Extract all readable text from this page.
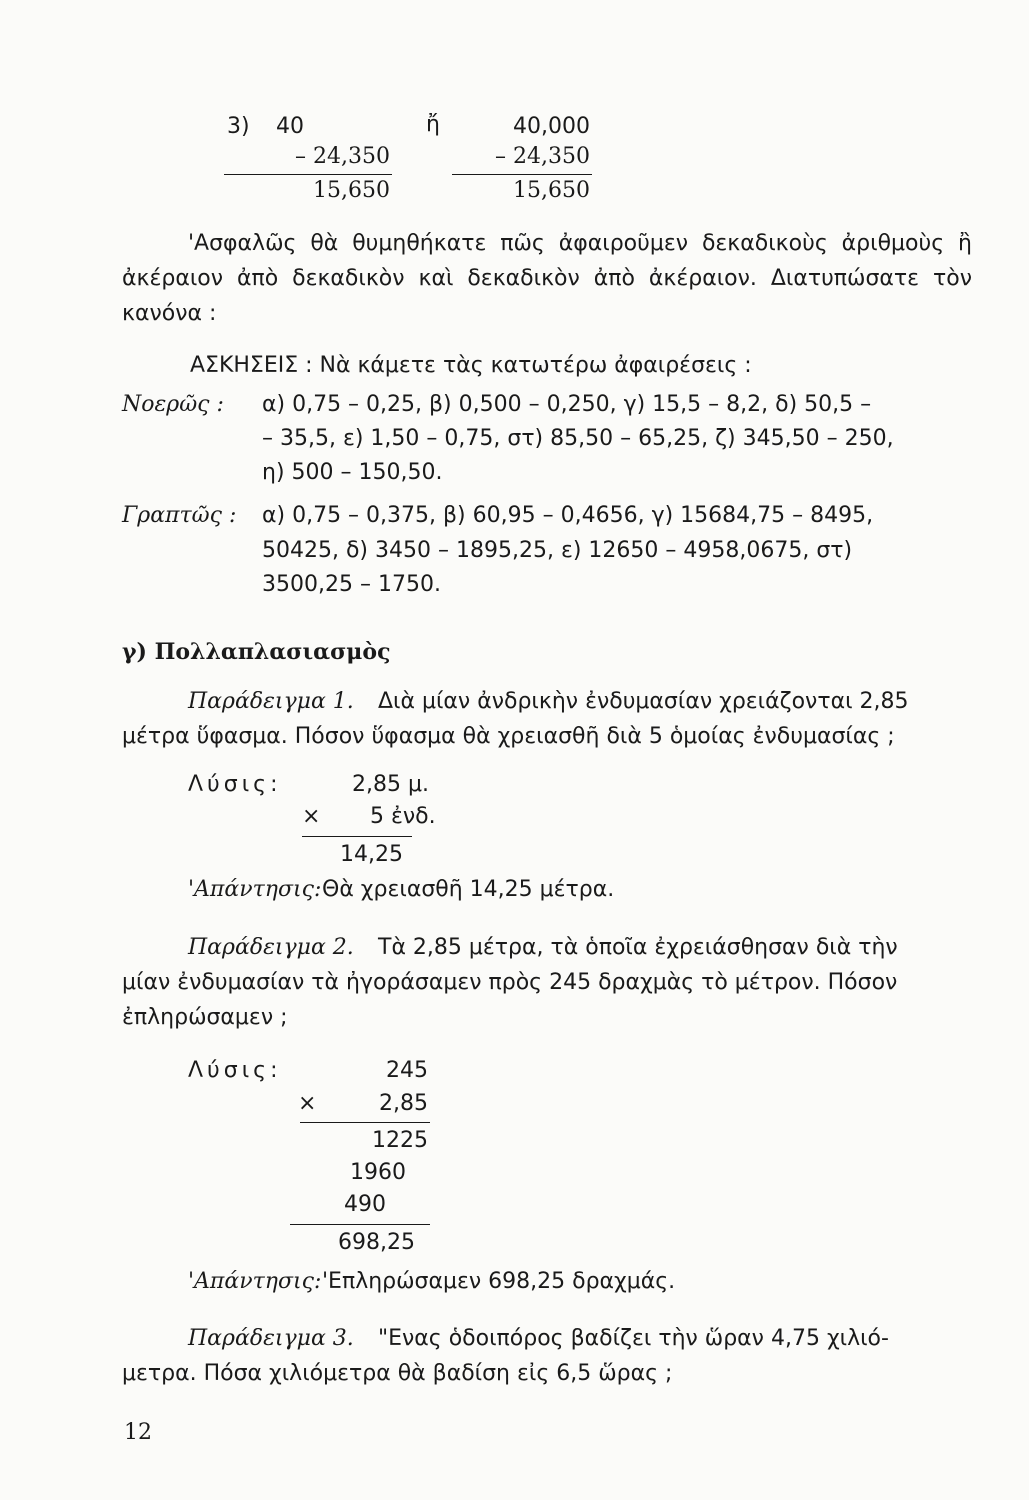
3)	40	ἤ	40,000
– 24,350	– 24,350
15,650	15,650
'Ασφαλῶς θὰ θυμηθήκατε πῶς ἀφαιροῦμεν δεκαδικοὺς ἀριθμοὺς ἢ ἀκέραιον ἀπὸ δεκαδικὸν καὶ δεκαδικὸν ἀπὸ ἀκέραιον. Διατυπώσατε τὸν κανόνα :
ΑΣΚΗΣΕΙΣ : Νὰ κάμετε τὰς κατωτέρω ἀφαιρέσεις :
Νοερῶς : α) 0,75 – 0,25, β) 0,500 – 0,250, γ) 15,5 – 8,2, δ) 50,5 –
– 35,5, ε) 1,50 – 0,75, στ) 85,50 – 65,25, ζ) 345,50 – 250,
η) 500 – 150,50.
Γραπτῶς : α) 0,75 – 0,375, β) 60,95 – 0,4656, γ) 15684,75 – 8495,
50425, δ) 3450 – 1895,25, ε) 12650 – 4958,0675, στ)
3500,25 – 1750.
γ) Πολλαπλασιασμὸς
Παράδειγμα 1. Διὰ μίαν ἀνδρικὴν ἐνδυμασίαν χρειάζονται 2,85
μέτρα ὕφασμα. Πόσον ὕφασμα θὰ χρειασθῆ διὰ 5 ὁμοίας ἐνδυμασίας ;
Λύσις:	2,85 μ.
× 5 ἐνδ.
14,25
'Απάντησις: Θὰ χρειασθῆ 14,25 μέτρα.
Παράδειγμα 2. Τὰ 2,85 μέτρα, τὰ ὁποῖα ἐχρειάσθησαν διὰ τὴν
μίαν ἐνδυμασίαν τὰ ἠγοράσαμεν πρὸς 245 δραχμὰς τὸ μέτρον. Πόσον
ἐπληρώσαμεν ;
Λύσις:	245
×	2,85
1225
1960
490
698,25
'Απάντησις: 'Επληρώσαμεν 698,25 δραχμάς.
Παράδειγμα 3. "Ενας ὁδοιπόρος βαδίζει τὴν ὥραν 4,75 χιλιό-
μετρα. Πόσα χιλιόμετρα θὰ βαδίση εἰς 6,5 ὥρας ;
12
